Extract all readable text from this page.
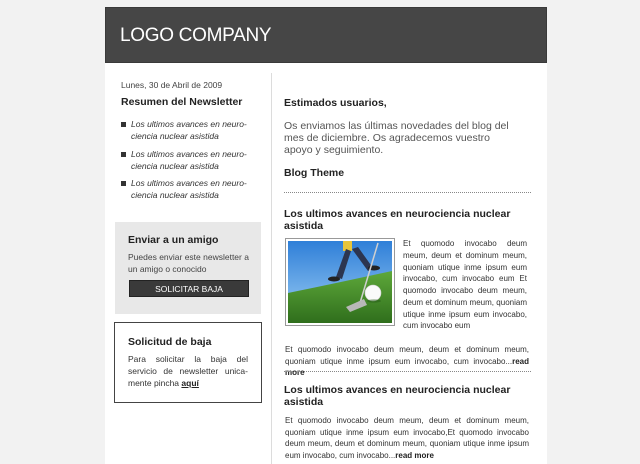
LOGO COMPANY
Lunes, 30 de Abril de 2009
Resumen del Newsletter
Los ultimos avances en neuro-ciencia nuclear asistida
Los ultimos avances en neuro-ciencia nuclear asistida
Los ultimos avances en neuro-ciencia nuclear asistida
Enviar a un amigo
Puedes enviar este newsletter a un amigo o conocido
SOLICITAR BAJA
Solicitud de baja
Para solicitar la baja del servicio de newsletter unica-mente pincha aquí
Estimados usuarios,
Os enviamos las últimas novedades del blog del mes de diciembre. Os agradecemos vuestro apoyo y seguimiento.
Blog Theme
Los ultimos avances en neurociencia nuclear asistida
Et quomodo invocabo deum meum, deum et dominum meum, quoniam utique inme ipsum eum invocabo, cum invocabo eum Et quomodo invocabo deum meum, deum et dominum meum, quoniam utique inme ipsum eum invocabo, cum invocabo eum
Et quomodo invocabo deum meum, deum et dominum meum, quoniam utique inme ipsum eum invocabo, cum invocabo...read more
Los ultimos avances en neurociencia nuclear asistida
Et quomodo invocabo deum meum, deum et dominum meum, quoniam utique inme ipsum eum invocabo,Et quomodo invocabo deum meum, deum et dominum meum, quoniam utique inme ipsum eum invocabo, cum invocabo...read more
